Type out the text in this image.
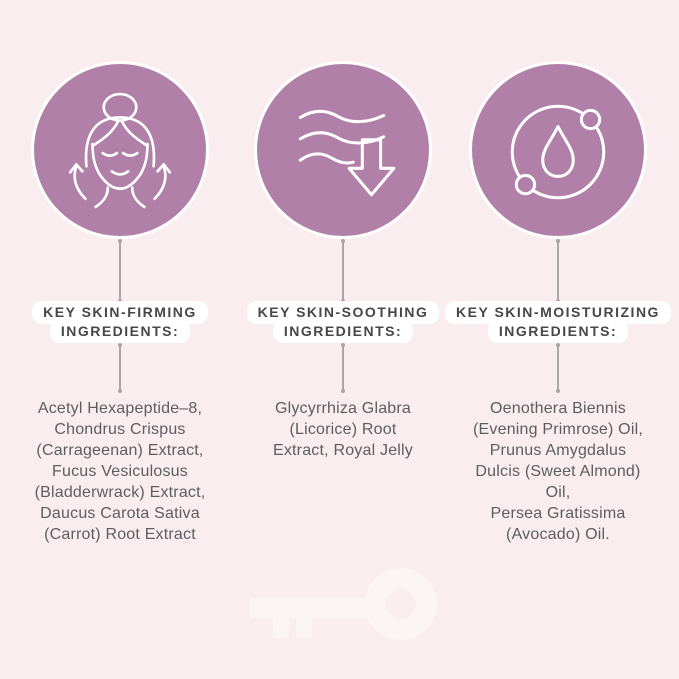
KEY SKIN-FIRMING
INGREDIENTS:
Acetyl Hexapeptide–8,
Chondrus Crispus
(Carrageenan) Extract,
Fucus Vesiculosus
(Bladderwrack) Extract,
Daucus Carota Sativa
(Carrot) Root Extract
KEY SKIN-SOOTHING
INGREDIENTS:
Glycyrrhiza Glabra
(Licorice) Root
Extract, Royal Jelly
KEY SKIN-MOISTURIZING
INGREDIENTS:
Oenothera Biennis
(Evening Primrose) Oil,
Prunus Amygdalus
Dulcis (Sweet Almond)
Oil,
Persea Gratissima
(Avocado) Oil.
